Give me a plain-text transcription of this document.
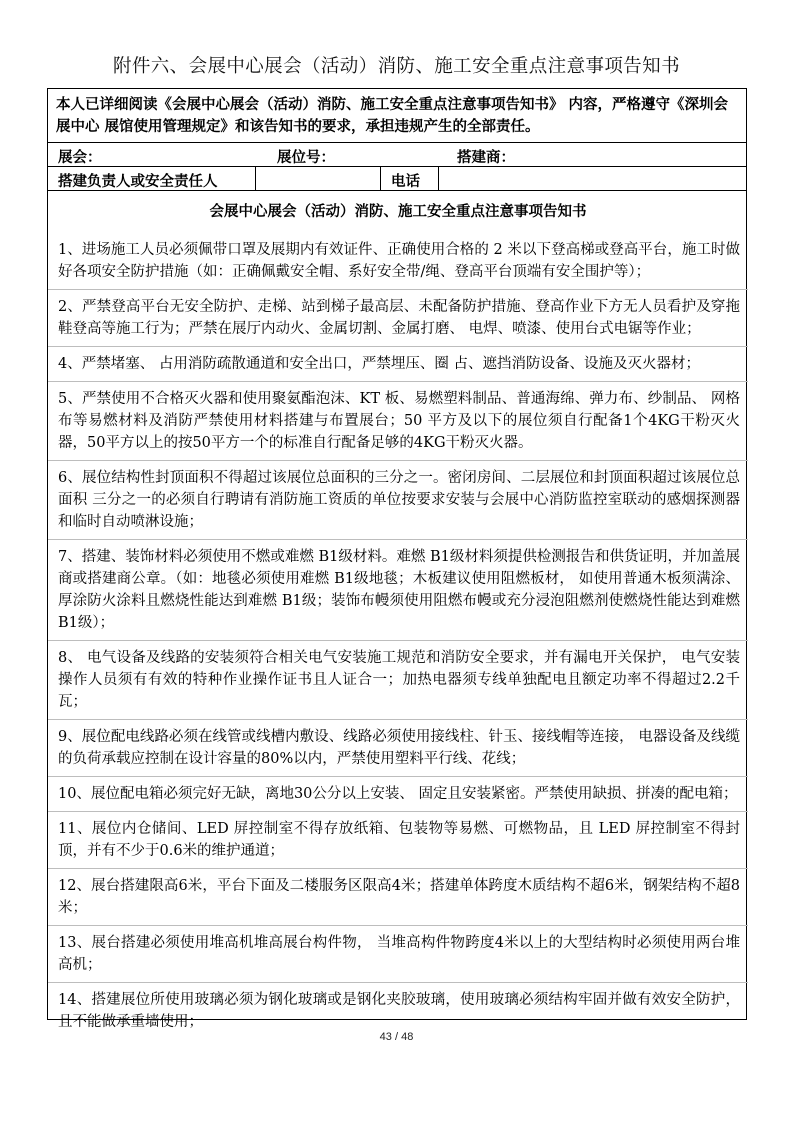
附件六、会展中心展会（活动）消防、施工安全重点注意事项告知书
本人已详细阅读《会展中心展会（活动）消防、施工安全重点注意事项告知书》 内容，严格遵守《深圳会展中心 展馆使用管理规定》和该告知书的要求，承担违规产生的全部责任。
展会：	展位号：	搭建商：
搭建负责人或安全责任人	电话
会展中心展会（活动）消防、施工安全重点注意事项告知书
1、进场施工人员必须佩带口罩及展期内有效证件、正确使用合格的 2 米以下登高梯或登高平台，施工时做好各项安全防护措施（如：正确佩戴安全帽、系好安全带/绳、登高平台顶端有安全围护等）；
2、严禁登高平台无安全防护、走梯、站到梯子最高层、未配备防护措施、登高作业下方无人员看护及穿拖鞋登高等施工行为；严禁在展厅内动火、金属切割、金属打磨、 电焊、喷漆、使用台式电锯等作业；
4、严禁堵塞、 占用消防疏散通道和安全出口，严禁埋压、圈 占、遮挡消防设备、设施及灭火器材；
5、严禁使用不合格灭火器和使用聚氨酯泡沫、KT 板、易燃塑料制品、普通海绵、弹力布、纱制品、 网格布等易燃材料及消防严禁使用材料搭建与布置展台；50 平方及以下的展位须自行配备1个4KG干粉灭火器，50平方以上的按50平方一个的标准自行配备足够的4KG干粉灭火器。
6、展位结构性封顶面积不得超过该展位总面积的三分之一。密闭房间、二层展位和封顶面积超过该展位总面积 三分之一的必须自行聘请有消防施工资质的单位按要求安装与会展中心消防监控室联动的感烟探测器和临时自动喷淋设施；
7、搭建、装饰材料必须使用不燃或难燃 B1级材料。难燃 B1级材料须提供检测报告和供货证明，并加盖展商或搭建商公章。（如：地毯必须使用难燃 B1级地毯；木板建议使用阻燃板材， 如使用普通木板须满涂、厚涂防火涂料且燃烧性能达到难燃 B1级；装饰布幔须使用阻燃布幔或充分浸泡阻燃剂使燃烧性能达到难燃 B1级）；
8、 电气设备及线路的安装须符合相关电气安装施工规范和消防安全要求，并有漏电开关保护， 电气安装操作人员须有有效的特种作业操作证书且人证合一；加热电器须专线单独配电且额定功率不得超过2.2千瓦；
9、展位配电线路必须在线管或线槽内敷设、线路必须使用接线柱、针玉、接线帽等连接， 电器设备及线缆的负荷承载应控制在设计容量的80%以内，严禁使用塑料平行线、花线；
10、展位配电箱必须完好无缺，离地30公分以上安装、 固定且安装紧密。严禁使用缺损、拼凑的配电箱；
11、展位内仓储间、LED 屏控制室不得存放纸箱、包装物等易燃、可燃物品，且 LED 屏控制室不得封顶，并有不少于0.6米的维护通道；
12、展台搭建限高6米，平台下面及二楼服务区限高4米；搭建单体跨度木质结构不超6米，钢架结构不超8米；
13、展台搭建必须使用堆高机堆高展台构件物， 当堆高构件物跨度4米以上的大型结构时必须使用两台堆高机；
14、搭建展位所使用玻璃必须为钢化玻璃或是钢化夹胶玻璃，使用玻璃必须结构牢固并做有效安全防护，且不能做承重墙使用；
43 / 48
